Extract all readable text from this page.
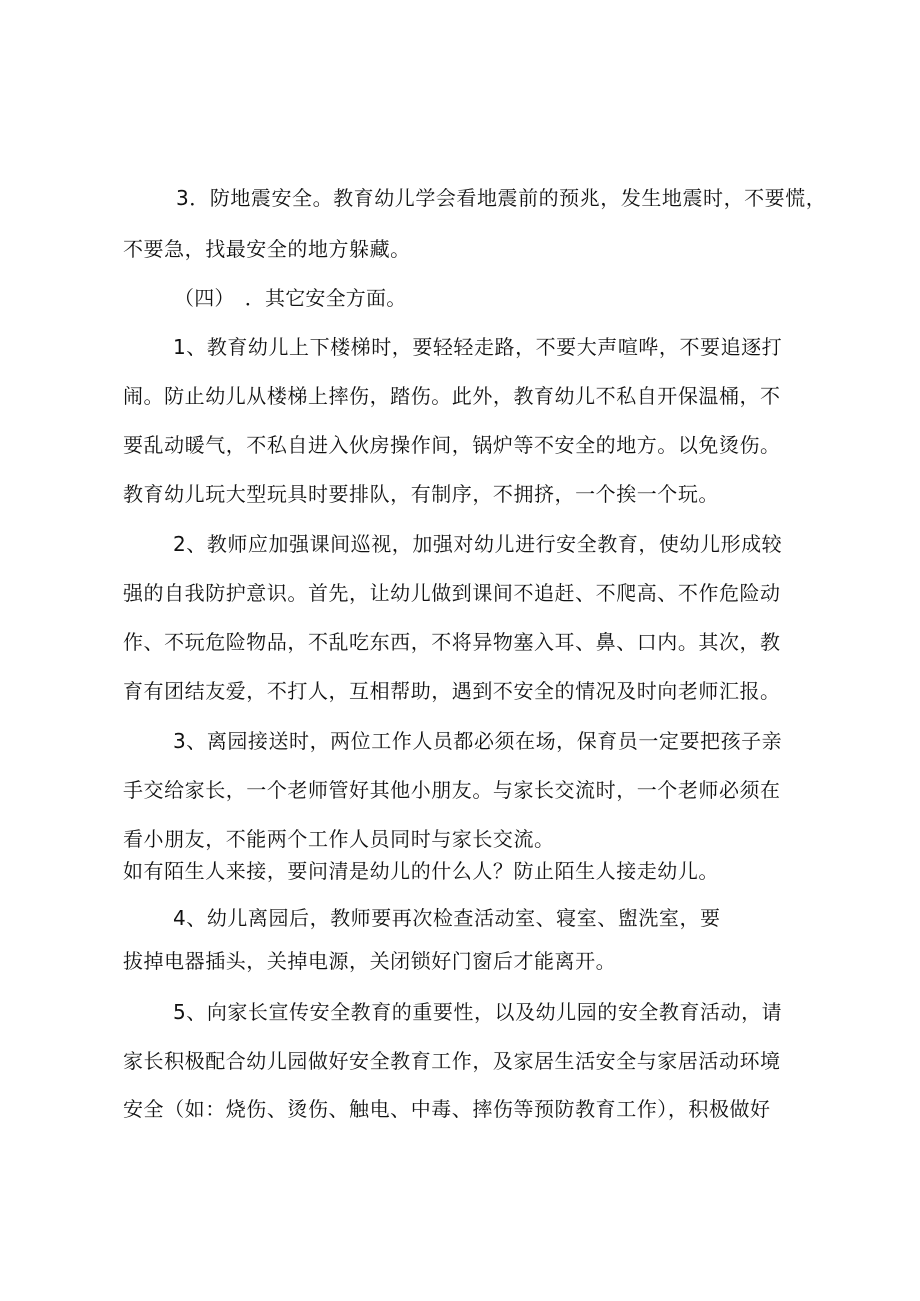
3．防地震安全。教育幼儿学会看地震前的预兆，发生地震时，不要慌，

不要急，找最安全的地方躲藏。

（四）　．其它安全方面。

1、教育幼儿上下楼梯时，要轻轻走路，不要大声喧哗，不要追逐打

闹。防止幼儿从楼梯上摔伤，踏伤。此外，教育幼儿不私自开保温桶，不

要乱动暖气，不私自进入伙房操作间，锅炉等不安全的地方。以免烫伤。

教育幼儿玩大型玩具时要排队，有制序，不拥挤，一个挨一个玩。

2、教师应加强课间巡视，加强对幼儿进行安全教育，使幼儿形成较

强的自我防护意识。首先，让幼儿做到课间不追赶、不爬高、不作危险动

作、不玩危险物品，不乱吃东西，不将异物塞入耳、鼻、口内。其次，教

育有团结友爱，不打人，互相帮助，遇到不安全的情况及时向老师汇报。

3、离园接送时，两位工作人员都必须在场，保育员一定要把孩子亲

手交给家长，一个老师管好其他小朋友。与家长交流时，一个老师必须在

看小朋友，不能两个工作人员同时与家长交流。

如有陌生人来接，要问清是幼儿的什么人？防止陌生人接走幼儿。

4、幼儿离园后，教师要再次检查活动室、寝室、盥洗室，要

拔掉电器插头，关掉电源，关闭锁好门窗后才能离开。

5、向家长宣传安全教育的重要性，以及幼儿园的安全教育活动，请

家长积极配合幼儿园做好安全教育工作，及家居生活安全与家居活动环境

安全（如：烧伤、烫伤、触电、中毒、摔伤等预防教育工作），积极做好
